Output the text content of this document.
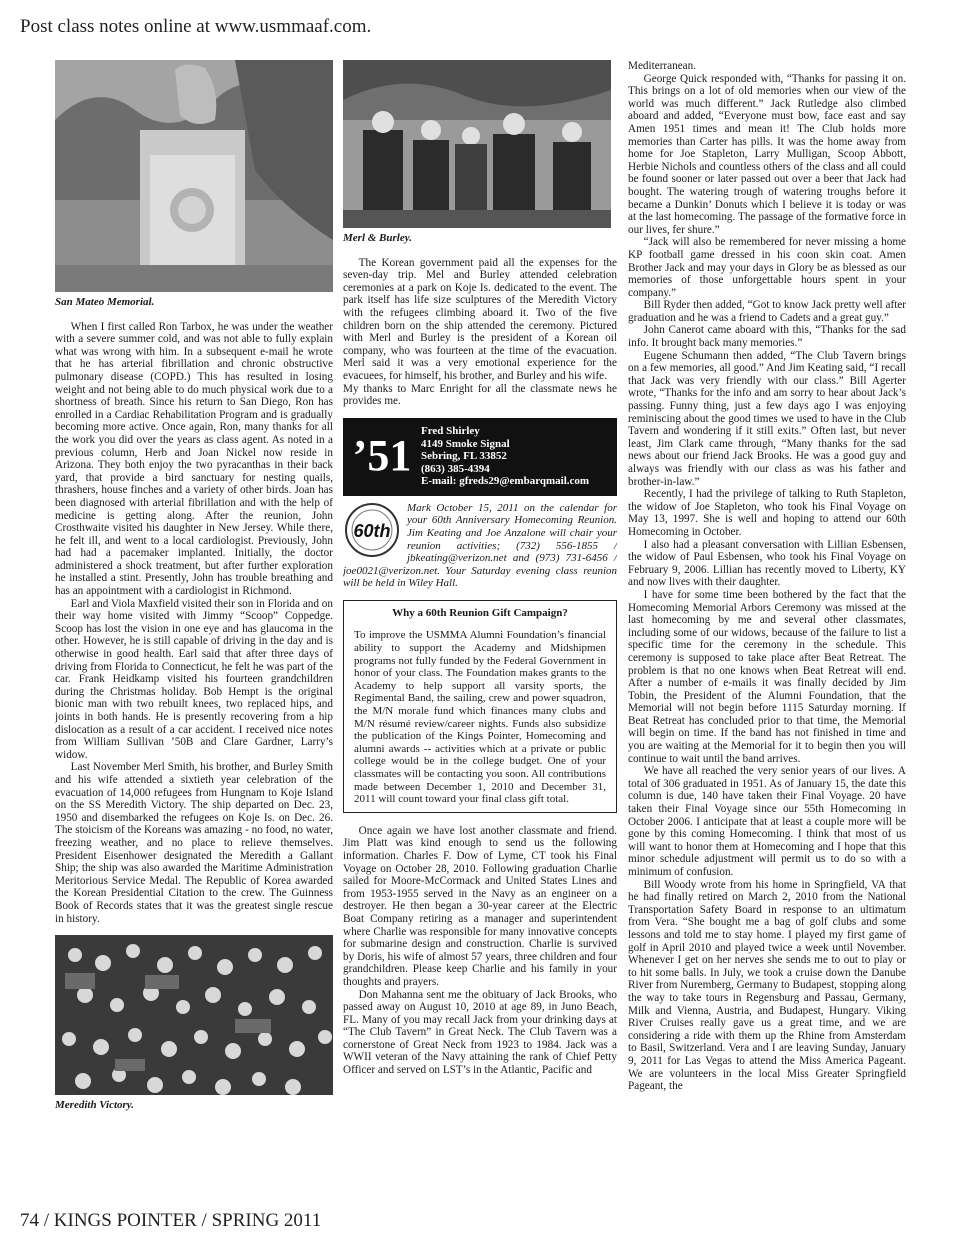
Post class notes online at www.usmmaaf.com.
San Mateo Memorial.

When I first called Ron Tarbox, he was under the weather with a severe summer cold, and was not able to fully explain what was wrong with him. In a subsequent e-mail he wrote that he has arterial fibrillation and chronic obstructive pulmonary disease (COPD.) This has resulted in losing weight and not being able to do much physical work due to a shortness of breath. Since his return to San Diego, Ron has enrolled in a Cardiac Rehabilitation Program and is gradually becoming more active. Once again, Ron, many thanks for all the work you did over the years as class agent. As noted in a previous column, Herb and Joan Nickel now reside in Arizona. They both enjoy the two pyracanthas in their back yard, that provide a bird sanctuary for nesting quails, thrashers, house finches and a variety of other birds. Joan has been diagnosed with arterial fibrillation and with the help of medicine is getting along. After the reunion, John Crosthwaite visited his daughter in New Jersey. While there, he felt ill, and went to a local cardiologist. Previously, John had had a pacemaker implanted. Initially, the doctor administered a shock treatment, but after further exploration he installed a stint. Presently, John has trouble breathing and has an appointment with a cardiologist in Richmond.

Earl and Viola Maxfield visited their son in Florida and on their way home visited with Jimmy “Scoop” Coppedge. Scoop has lost the vision in one eye and has glaucoma in the other. However, he is still capable of driving in the day and is otherwise in good health. Earl said that after three days of driving from Florida to Connecticut, he felt he was part of the car. Frank Heidkamp visited his fourteen grandchildren during the Christmas holiday. Bob Hempt is the original bionic man with two rebuilt knees, two replaced hips, and joints in both hands. He is presently recovering from a hip dislocation as a result of a car accident. I received nice notes from William Sullivan ’50B and Clare Gardner, Larry’s widow.

Last November Merl Smith, his brother, and Burley Smith and his wife attended a sixtieth year celebration of the evacuation of 14,000 refugees from Hungnam to Koje Island on the SS Meredith Victory. The ship departed on Dec. 23, 1950 and disembarked the refugees on Koje Is. on Dec. 26. The stoicism of the Koreans was amazing - no food, no water, freezing weather, and no place to relieve themselves. President Eisenhower designated the Meredith a Gallant Ship; the ship was also awarded the Maritime Administration Meritorious Service Medal. The Republic of Korea awarded the Korean Presidential Citation to the crew. The Guinness Book of Records states that it was the greatest single rescue in history.

Meredith Victory.
Merl & Burley.

The Korean government paid all the expenses for the seven-day trip. Mel and Burley attended celebration ceremonies at a park on Koje Is. dedicated to the event. The park itself has life size sculptures of the Meredith Victory with the refugees climbing aboard it. Two of the five children born on the ship attended the ceremony. Pictured with Merl and Burley is the president of a Korean oil company, who was fourteen at the time of the evacuation. Merl said it was a very emotional experience for the evacuees, for himself, his brother, and Burley and his wife.

My thanks to Marc Enright for all the classmate news he provides me.

’51 Fred Shirley
4149 Smoke Signal
Sebring, FL 33852
(863) 385-4394
E-mail: gfreds29@embarqmail.com
60th
Mark October 15, 2011 on the calendar for your 60th Anniversary Homecoming Reunion. Jim Keating and Joe Anzalone will chair your reunion activities; (732) 556-1855 / jbkeating@verizon.net and (973) 731-6456 / joe0021@verizon.net. Your Saturday evening class reunion will be held in Wiley Hall.
Why a 60th Reunion Gift Campaign?
To improve the USMMA Alumni Foundation’s financial ability to support the Academy and Midshipmen programs not fully funded by the Federal Government in honor of your class. The Foundation makes grants to the Academy to help support all varsity sports, the Regimental Band, the sailing, crew and power squadron, the M/N morale fund which finances many clubs and M/N résumé review/career nights. Funds also subsidize the publication of the Kings Pointer, Homecoming and alumni awards -- activities which at a private or public college would be in the college budget. One of your classmates will be contacting you soon. All contributions made between December 1, 2010 and December 31, 2011 will count toward your final class gift total.

Once again we have lost another classmate and friend. Jim Platt was kind enough to send us the following information. Charles F. Dow of Lyme, CT took his Final Voyage on October 28, 2010. Following graduation Charlie sailed for Moore-McCormack and United States Lines and from 1953-1955 served in the Navy as an engineer on a destroyer. He then began a 30-year career at the Electric Boat Company retiring as a manager and superintendent where Charlie was responsible for many innovative concepts for submarine design and construction. Charlie is survived by Doris, his wife of almost 57 years, three children and four grandchildren. Please keep Charlie and his family in your thoughts and prayers.

Don Mahanna sent me the obituary of Jack Brooks, who passed away on August 10, 2010 at age 89, in Juno Beach, FL. Many of you may recall Jack from your drinking days at “The Club Tavern” in Great Neck. The Club Tavern was a cornerstone of Great Neck from 1923 to 1984. Jack was a WWII veteran of the Navy attaining the rank of Chief Petty Officer and served on LST’s in the Atlantic, Pacific and

Mediterranean.

George Quick responded with, “Thanks for passing it on. This brings on a lot of old memories when our view of the world was much different.” Jack Rutledge also climbed aboard and added, “Everyone must bow, face east and say Amen 1951 times and mean it! The Club holds more memories than Carter has pills. It was the home away from home for Joe Stapleton, Larry Mulligan, Scoop Abbott, Herbie Nichols and countless others of the class and all could be found sooner or later passed out over a beer that Jack had bought. The watering trough of watering troughs before it became a Dunkin’ Donuts which I believe it is today or was at the last homecoming. The passage of the formative force in our lives, fer shure.”

“Jack will also be remembered for never missing a home KP football game dressed in his coon skin coat. Amen Brother Jack and may your days in Glory be as blessed as our memories of those unforgettable hours spent in your company.”

Bill Ryder then added, “Got to know Jack pretty well after graduation and he was a friend to Cadets and a great guy.”

John Canerot came aboard with this, “Thanks for the sad info. It brought back many memories.”

Eugene Schumann then added, “The Club Tavern brings on a few memories, all good.” And Jim Keating said, “I recall that Jack was very friendly with our class.” Bill Agerter wrote, “Thanks for the info and am sorry to hear about Jack’s passing. Funny thing, just a few days ago I was enjoying reminiscing about the good times we used to have in the Club Tavern and wondering if it still exits.” Often last, but never least, Jim Clark came through, “Many thanks for the sad news about our friend Jack Brooks. He was a good guy and always was friendly with our class as was his father and brother-in-law.”

Recently, I had the privilege of talking to Ruth Stapleton, the widow of Joe Stapleton, who took his Final Voyage on May 13, 1997. She is well and hoping to attend our 60th Homecoming in October.

I also had a pleasant conversation with Lillian Esbensen, the widow of Paul Esbensen, who took his Final Voyage on February 9, 2006. Lillian has recently moved to Liberty, KY and now lives with their daughter.

I have for some time been bothered by the fact that the Homecoming Memorial Arbors Ceremony was missed at the last homecoming by me and several other classmates, including some of our widows, because of the failure to list a specific time for the ceremony in the schedule. This ceremony is supposed to take place after Beat Retreat. The problem is that no one knows when Beat Retreat will end. After a number of e-mails it was finally decided by Jim Tobin, the President of the Alumni Foundation, that the Memorial will not begin before 1115 Saturday morning. If Beat Retreat has concluded prior to that time, the Memorial will begin on time. If the band has not finished in time and you are waiting at the Memorial for it to begin then you will continue to wait until the band arrives.

We have all reached the very senior years of our lives. A total of 306 graduated in 1951. As of January 15, the date this column is due, 140 have taken their Final Voyage. 20 have taken their Final Voyage since our 55th Homecoming in October 2006. I anticipate that at least a couple more will be gone by this coming Homecoming. I think that most of us will want to honor them at Homecoming and I hope that this minor schedule adjustment will permit us to do so with a minimum of confusion.

Bill Woody wrote from his home in Springfield, VA that he had finally retired on March 2, 2010 from the National Transportation Safety Board in response to an ultimatum from Vera. “She bought me a bag of golf clubs and some lessons and told me to stay home. I played my first game of golf in April 2010 and played twice a week until November. Whenever I get on her nerves she sends me to out to play or to hit some balls. In July, we took a cruise down the Danube River from Nuremberg, Germany to Budapest, stopping along the way to take tours in Regensburg and Passau, Germany, Milk and Vienna, Austria, and Budapest, Hungary. Viking River Cruises really gave us a great time, and we are considering a ride with them up the Rhine from Amsterdam to Basil, Switzerland. Vera and I are leaving Sunday, January 9, 2011 for Las Vegas to attend the Miss America Pageant. We are volunteers in the local Miss Greater Springfield Pageant, the

74 / KINGS POINTER / SPRING 2011
